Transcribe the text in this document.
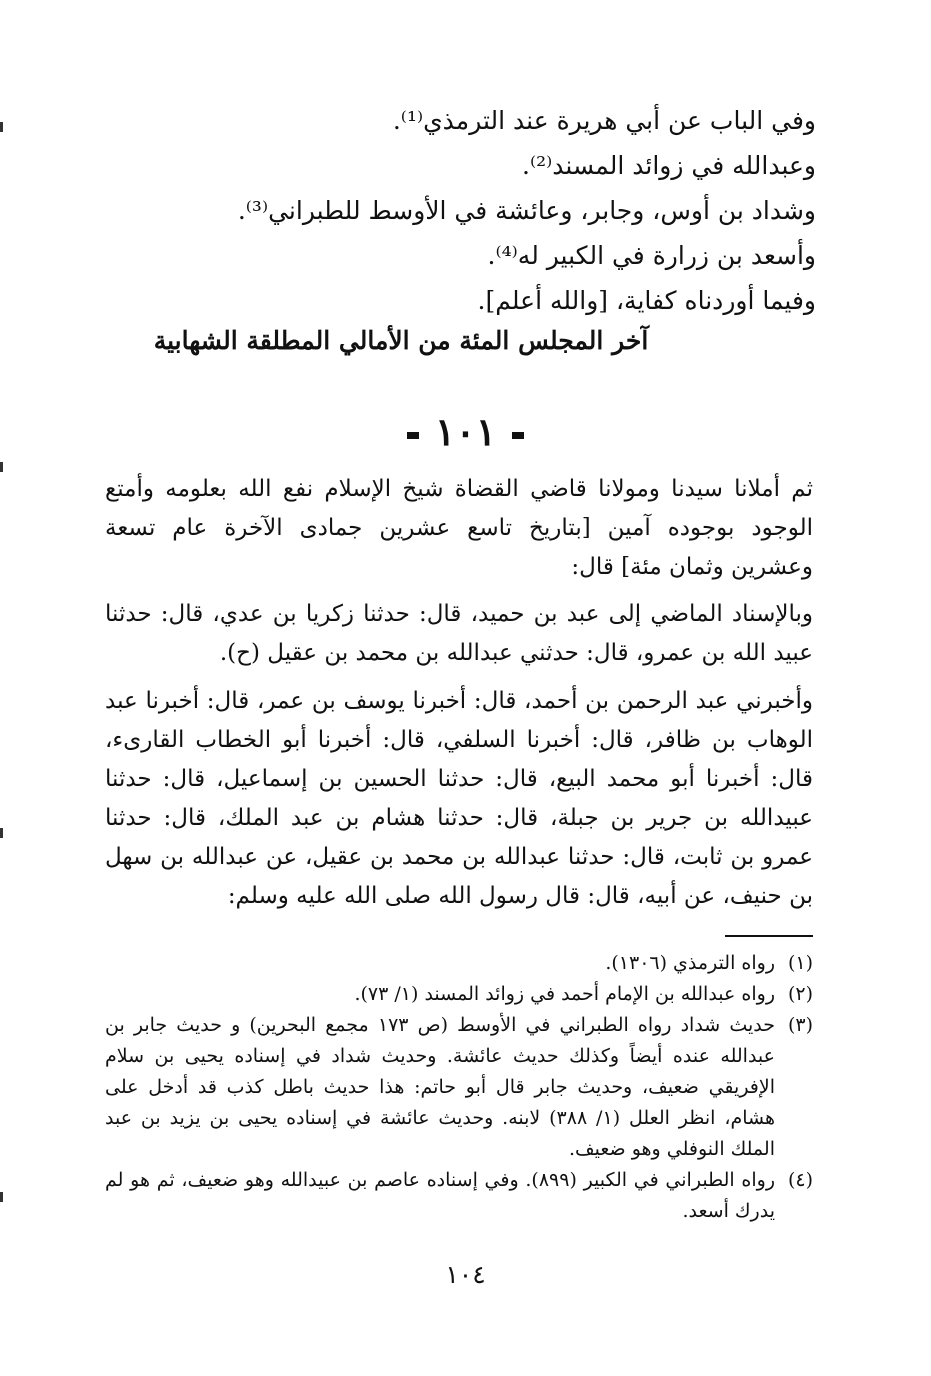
وفي الباب عن أبي هريرة عند الترمذي⁽¹⁾.
وعبدالله في زوائد المسند⁽²⁾.
وشداد بن أوس، وجابر، وعائشة في الأوسط للطبراني⁽³⁾.
وأسعد بن زرارة في الكبير له⁽⁴⁾.
وفيما أوردناه كفاية، [والله أعلم].
آخر المجلس المئة من الأمالي المطلقة الشهابية
١٠١

ثم أملانا سيدنا ومولانا قاضي القضاة شيخ الإسلام نفع الله بعلومه وأمتع الوجود بوجوده آمين [بتاريخ تاسع عشرين جمادى الآخرة عام تسعة وعشرين وثمان مئة] قال:

وبالإسناد الماضي إلى عبد بن حميد، قال: حدثنا زكريا بن عدي، قال: حدثنا عبيد الله بن عمرو، قال: حدثني عبدالله بن محمد بن عقيل (ح).

وأخبرني عبد الرحمن بن أحمد، قال: أخبرنا يوسف بن عمر، قال: أخبرنا عبد الوهاب بن ظافر، قال: أخبرنا السلفي، قال: أخبرنا أبو الخطاب القارىء، قال: أخبرنا أبو محمد البيع، قال: حدثنا الحسين بن إسماعيل، قال: حدثنا عبيدالله بن جرير بن جبلة، قال: حدثنا هشام بن عبد الملك، قال: حدثنا عمرو بن ثابت، قال: حدثنا عبدالله بن محمد بن عقيل، عن عبدالله بن سهل بن حنيف، عن أبيه، قال: قال رسول الله صلى الله عليه وسلم:

(١)
رواه الترمذي (١٣٠٦).
(٢)
رواه عبدالله بن الإمام أحمد في زوائد المسند (١/ ٧٣).
(٣)
حديث شداد رواه الطبراني في الأوسط (ص ١٧٣ مجمع البحرين) و حديث جابر بن عبدالله عنده أيضاً وكذلك حديث عائشة. وحديث شداد في إسناده يحيى بن سلام الإفريقي ضعيف، وحديث جابر قال أبو حاتم: هذا حديث باطل كذب قد أدخل على هشام، انظر العلل (١/ ٣٨٨) لابنه. وحديث عائشة في إسناده يحيى بن يزيد بن عبد الملك النوفلي وهو ضعيف.
(٤)
رواه الطبراني في الكبير (٨٩٩). وفي إسناده عاصم بن عبيدالله وهو ضعيف، ثم هو لم يدرك أسعد.
١٠٤
